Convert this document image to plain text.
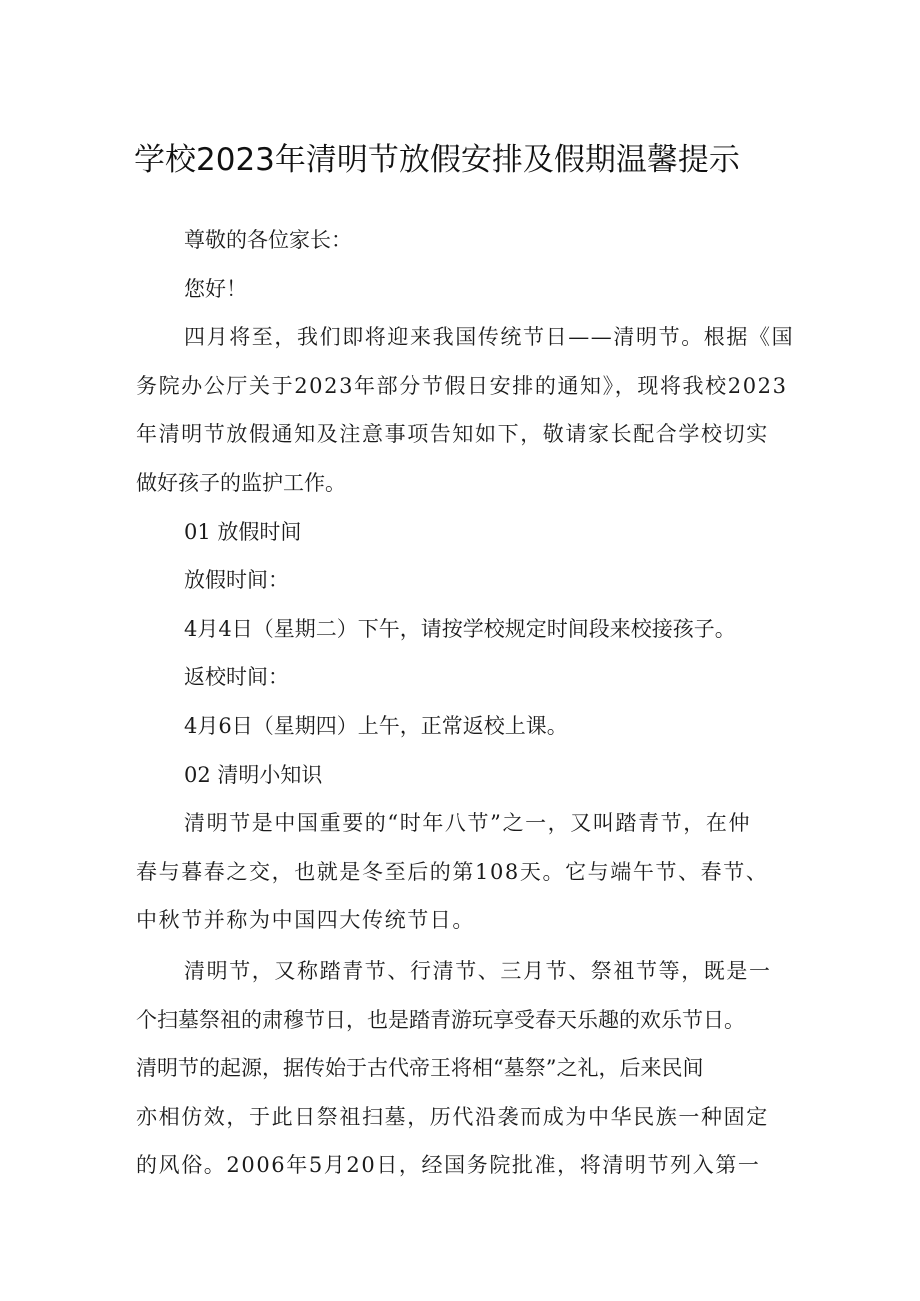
学校2023年清明节放假安排及假期温馨提示
尊敬的各位家长：
您好！
四月将至，我们即将迎来我国传统节日——清明节。根据《国
务院办公厅关于2023年部分节假日安排的通知》，现将我校2023
年清明节放假通知及注意事项告知如下，敬请家长配合学校切实
做好孩子的监护工作。
01 放假时间
放假时间：
4月4日（星期二）下午，请按学校规定时间段来校接孩子。
返校时间：
4月6日（星期四）上午，正常返校上课。
02 清明小知识
清明节是中国重要的“时年八节”之一，又叫踏青节，在仲
春与暮春之交，也就是冬至后的第108天。它与端午节、春节、
中秋节并称为中国四大传统节日。
清明节，又称踏青节、行清节、三月节、祭祖节等，既是一
个扫墓祭祖的肃穆节日，也是踏青游玩享受春天乐趣的欢乐节日。
清明节的起源，据传始于古代帝王将相“墓祭”之礼，后来民间
亦相仿效，于此日祭祖扫墓，历代沿袭而成为中华民族一种固定
的风俗。2006年5月20日，经国务院批准，将清明节列入第一
